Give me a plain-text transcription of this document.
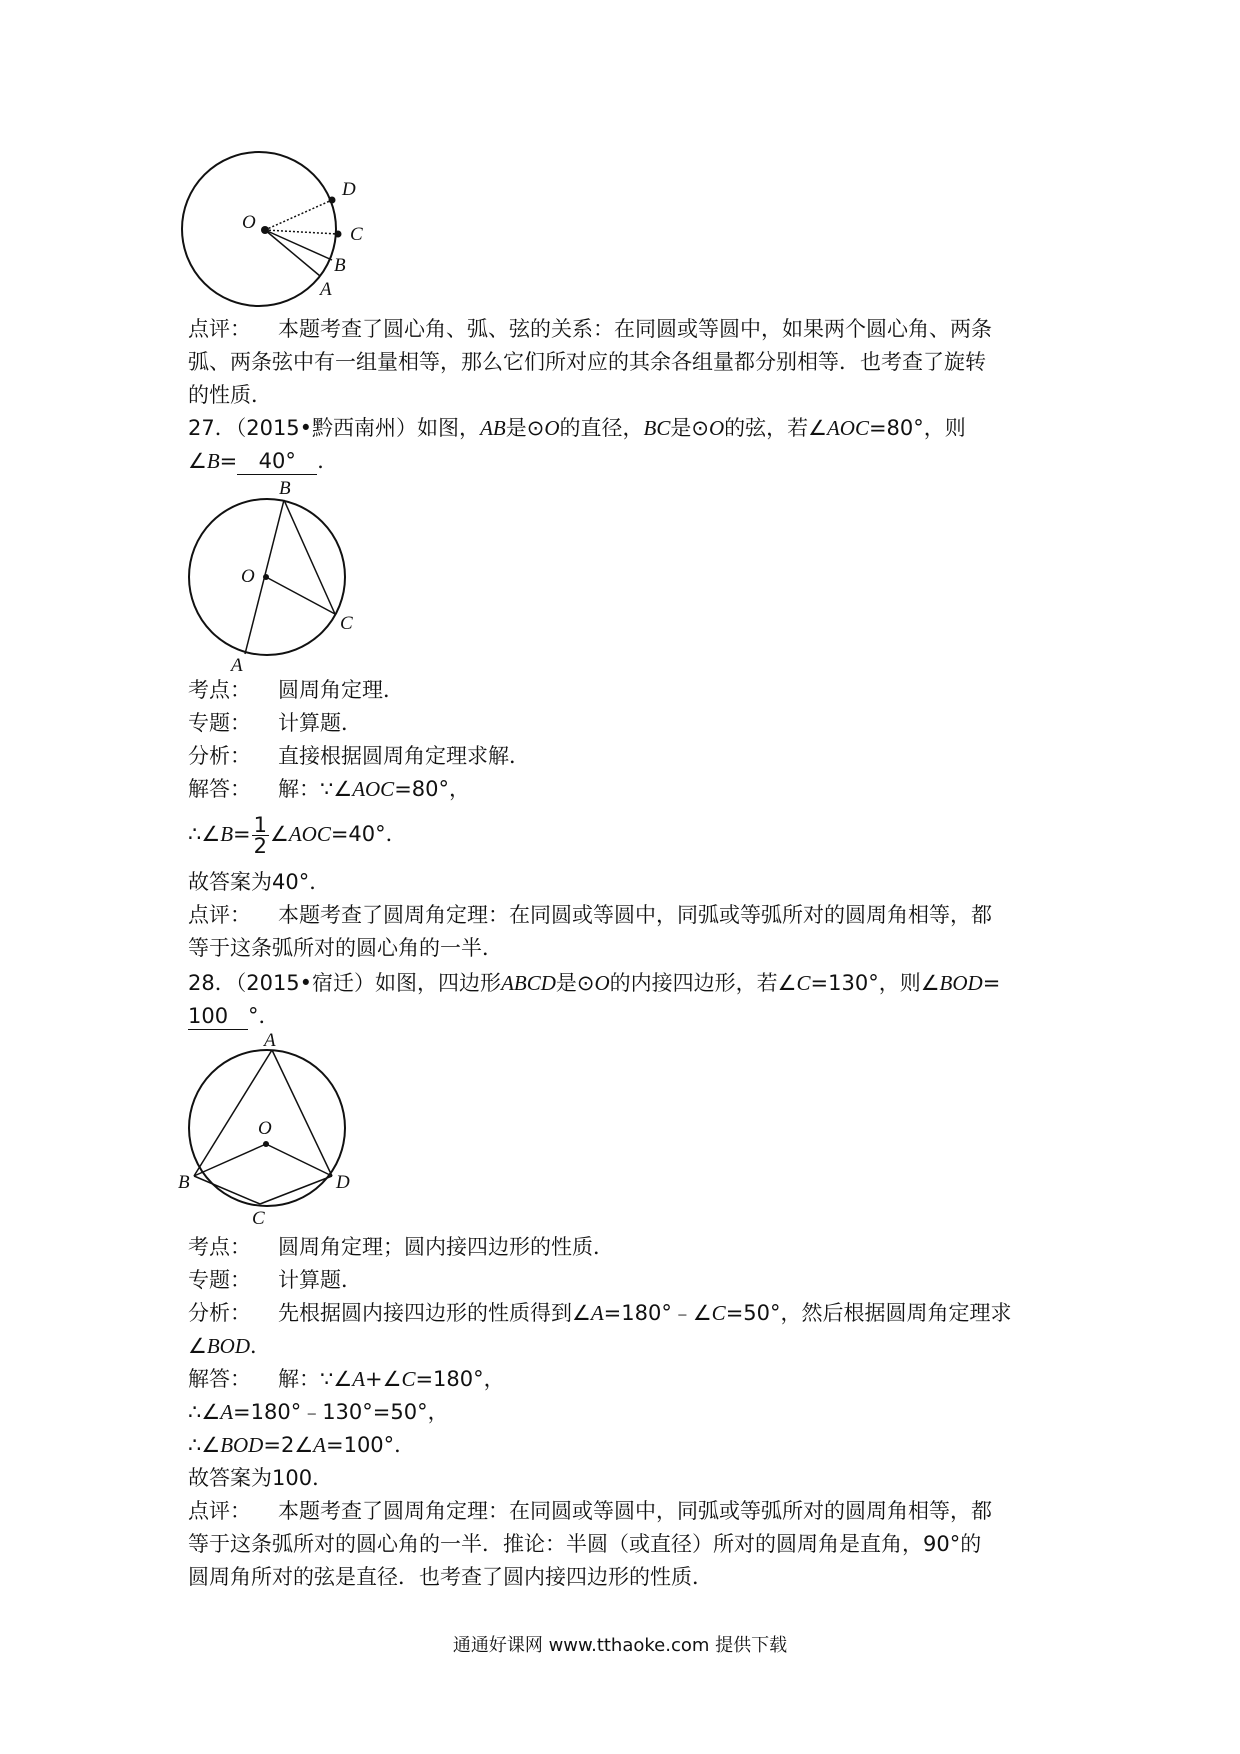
O
D
C
B
A
点评： 本题考查了圆心角、弧、弦的关系：在同圆或等圆中，如果两个圆心角、两条
弧、两条弦中有一组量相等，那么它们所对应的其余各组量都分别相等．也考查了旋转
的性质．
27．（2015•黔西南州）如图，AB是⊙O的直径，BC是⊙O的弦，若∠AOC=80°，则
∠B= 40° ．
B
O
C
A
考点： 圆周角定理．
专题： 计算题．
分析： 直接根据圆周角定理求解．
解答： 解：∵∠AOC=80°，
∴∠B= $\frac{1}{2}$ ∠AOC=40°．
故答案为40°．
点评： 本题考查了圆周角定理：在同圆或等圆中，同弧或等弧所对的圆周角相等，都
等于这条弧所对的圆心角的一半．
28．（2015•宿迁）如图，四边形ABCD是⊙O的内接四边形，若∠C=130°，则∠BOD=
100 °．
A
O
B	D
C
考点： 圆周角定理；圆内接四边形的性质．
专题： 计算题．
分析： 先根据圆内接四边形的性质得到∠A=180°﹣∠C=50°，然后根据圆周角定理求
∠BOD．
解答： 解：∵∠A+∠C=180°，
∴∠A=180°﹣130°=50°，
∴∠BOD=2∠A=100°．
故答案为100．
点评： 本题考查了圆周角定理：在同圆或等圆中，同弧或等弧所对的圆周角相等，都
等于这条弧所对的圆心角的一半．推论：半圆（或直径）所对的圆周角是直角，90°的
圆周角所对的弦是直径．也考查了圆内接四边形的性质．
通通好课网 www.tthaoke.com 提供下载
